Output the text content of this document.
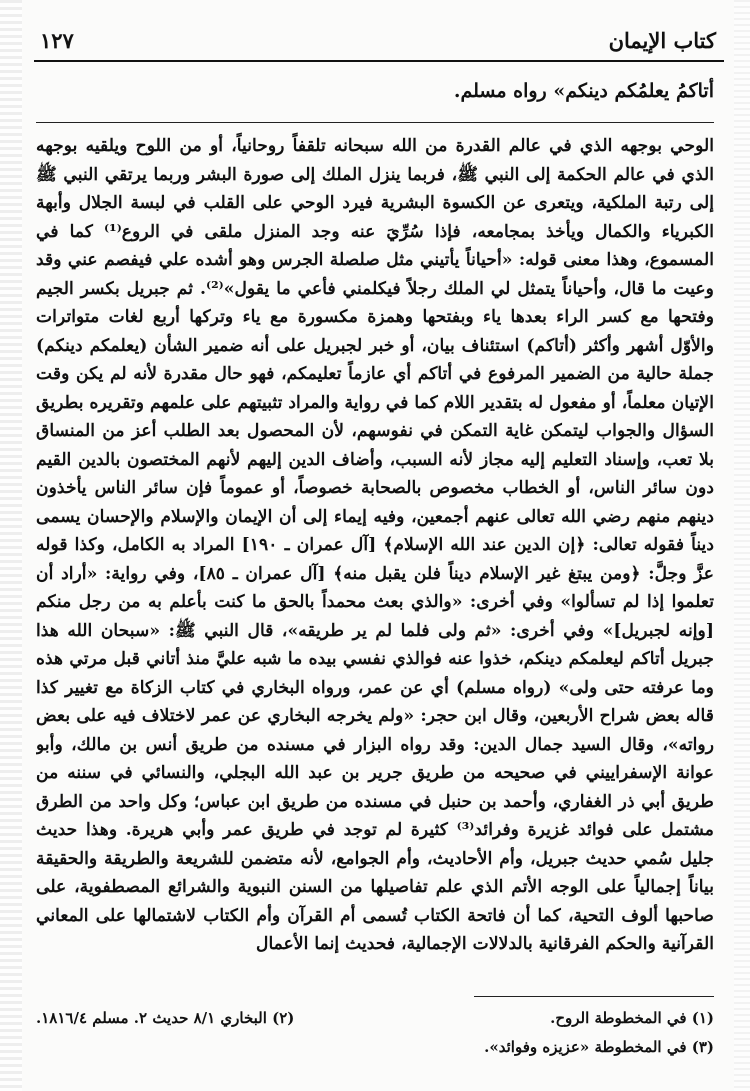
كتاب الإيمان
١٢٧
أتاكمُ يعلمُكم دينكم» رواه مسلم.

الوحي بوجهه الذي في عالم القدرة من الله سبحانه تلقفاً روحانياً، أو من اللوح ويلقيه بوجهه الذي في عالم الحكمة إلى النبي ﷺ، فربما ينزل الملك إلى صورة البشر وربما يرتقي النبي ﷺ إلى رتبة الملكية، ويتعرى عن الكسوة البشرية فيرد الوحي على القلب في لبسة الجلال وأبهة الكبرياء والكمال ويأخذ بمجامعه، فإذا سُرِّيَ عنه وجد المنزل ملقى في الروع⁽¹⁾ كما في المسموع، وهذا معنى قوله: «أحياناً يأتيني مثل صلصلة الجرس وهو أشده علي فيفصم عني وقد وعيت ما قال، وأحياناً يتمثل لي الملك رجلاً فيكلمني فأعي ما يقول»⁽²⁾. ثم جبريل بكسر الجيم وفتحها مع كسر الراء بعدها ياء وبفتحها وهمزة مكسورة مع ياء وتركها أربع لغات متواترات والأوّل أشهر وأكثر (أتاكم) استئناف بيان، أو خبر لجبريل على أنه ضمير الشأن (يعلمكم دينكم) جملة حالية من الضمير المرفوع في أتاكم أي عازماً تعليمكم، فهو حال مقدرة لأنه لم يكن وقت الإتيان معلماً، أو مفعول له بتقدير اللام كما في رواية والمراد تثبيتهم على علمهم وتقريره بطريق السؤال والجواب ليتمكن غاية التمكن في نفوسهم، لأن المحصول بعد الطلب أعز من المنساق بلا تعب، وإسناد التعليم إليه مجاز لأنه السبب، وأضاف الدين إليهم لأنهم المختصون بالدين القيم دون سائر الناس، أو الخطاب مخصوص بالصحابة خصوصاً، أو عموماً فإن سائر الناس يأخذون دينهم منهم رضي الله تعالى عنهم أجمعين، وفيه إيماء إلى أن الإيمان والإسلام والإحسان يسمى ديناً فقوله تعالى: ﴿إن الدين عند الله الإسلام﴾ [آل عمران ـ ١٩٠] المراد به الكامل، وكذا قوله عزَّ وجلَّ: ﴿ومن يبتغ غير الإسلام ديناً فلن يقبل منه﴾ [آل عمران ـ ٨٥]، وفي رواية: «أراد أن تعلموا إذا لم تسألوا» وفي أخرى: «والذي بعث محمداً بالحق ما كنت بأعلم به من رجل منكم [وإنه لجبريل]» وفي أخرى: «ثم ولى فلما لم ير طريقه»، قال النبي ﷺ: «سبحان الله هذا جبريل أتاكم ليعلمكم دينكم، خذوا عنه فوالذي نفسي بيده ما شبه عليَّ منذ أتاني قبل مرتي هذه وما عرفته حتى ولى» (رواه مسلم) أي عن عمر، ورواه البخاري في كتاب الزكاة مع تغيير كذا قاله بعض شراح الأربعين، وقال ابن حجر: «ولم يخرجه البخاري عن عمر لاختلاف فيه على بعض رواته»، وقال السيد جمال الدين: وقد رواه البزار في مسنده من طريق أنس بن مالك، وأبو عوانة الإسفراييني في صحيحه من طريق جرير بن عبد الله البجلي، والنسائي في سننه من طريق أبي ذر الغفاري، وأحمد بن حنبل في مسنده من طريق ابن عباس؛ وكل واحد من الطرق مشتمل على فوائد غزيرة وفرائد⁽³⁾ كثيرة لم توجد في طريق عمر وأبي هريرة. وهذا حديث جليل سُمي حديث جبريل، وأم الأحاديث، وأم الجوامع، لأنه متضمن للشريعة والطريقة والحقيقة بياناً إجمالياً على الوجه الأتم الذي علم تفاصيلها من السنن النبوية والشرائع المصطفوية، على صاحبها ألوف التحية، كما أن فاتحة الكتاب تُسمى أم القرآن وأم الكتاب لاشتمالها على المعاني القرآنية والحكم الفرقانية بالدلالات الإجمالية، فحديث إنما الأعمال

(١) في المخطوطة الروح.
(٢) البخاري ٨/١ حديث ٢. مسلم ١٨١٦/٤.
(٣) في المخطوطة «عزيزه وفوائد».
